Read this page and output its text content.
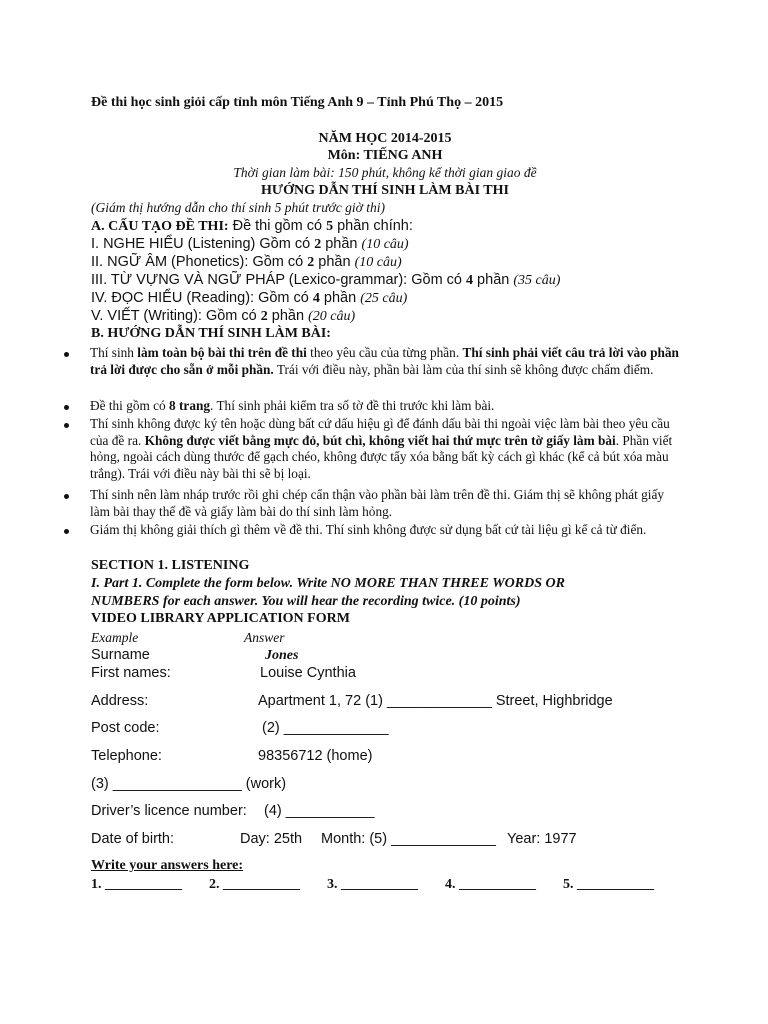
Đề thi học sinh giỏi cấp tỉnh môn Tiếng Anh 9 – Tỉnh Phú Thọ – 2015
NĂM HỌC 2014-2015
Môn: TIẾNG ANH
Thời gian làm bài: 150 phút, không kể thời gian giao đề
HƯỚNG DẪN THÍ SINH LÀM BÀI THI
(Giám thị hướng dẫn cho thí sinh 5 phút trước giờ thi)
A. CẤU TẠO ĐỀ THI: Đề thi gồm có 5 phần chính:
I. NGHE HIỂU (Listening) Gồm có 2 phần (10 câu)
II. NGỮ ÂM (Phonetics): Gồm có 2 phần (10 câu)
III. TỪ VỰNG VÀ NGỮ PHÁP (Lexico-grammar): Gồm có 4 phần (35 câu)
IV. ĐỌC HIỂU (Reading): Gồm có 4 phần (25 câu)
V. VIẾT (Writing): Gồm có 2 phần (20 câu)
B. HƯỚNG DẪN THÍ SINH LÀM BÀI:
Thí sinh làm toàn bộ bài thi trên đề thi theo yêu cầu của từng phần. Thí sinh phải viết câu trả lời vào phần trả lời được cho sẵn ở mỗi phần. Trái với điều này, phần bài làm của thí sinh sẽ không được chấm điểm.
Đề thi gồm có 8 trang. Thí sinh phải kiểm tra số tờ đề thi trước khi làm bài.
Thí sinh không được ký tên hoặc dùng bất cứ dấu hiệu gì để đánh dấu bài thi ngoài việc làm bài theo yêu cầu của đề ra. Không được viết bằng mực đỏ, bút chì, không viết hai thứ mực trên tờ giấy làm bài. Phần viết hỏng, ngoài cách dùng thước để gạch chéo, không được tẩy xóa bằng bất kỳ cách gì khác (kể cả bút xóa màu trắng). Trái với điều này bài thi sẽ bị loại.
Thí sinh nên làm nháp trước rồi ghi chép cẩn thận vào phần bài làm trên đề thi. Giám thị sẽ không phát giấy làm bài thay thế đề và giấy làm bài do thí sinh làm hỏng.
Giám thị không giải thích gì thêm về đề thi. Thí sinh không được sử dụng bất cứ tài liệu gì kể cả từ điển.
SECTION 1. LISTENING
I. Part 1. Complete the form below. Write NO MORE THAN THREE WORDS OR
NUMBERS for each answer. You will hear the recording twice. (10 points)
VIDEO LIBRARY APPLICATION FORM
Example	Answer
Surname	Jones
First names:	Louise Cynthia
Address:	Apartment 1, 72 (1) _____________ Street, Highbridge
Post code:	(2) _____________
Telephone:	98356712 (home)
(3) ________________ (work)
Driver’s licence number: (4) ___________
Date of birth:	Day: 25th Month: (5) _____________ Year: 1977
Write your answers here:
1. ___________ 2. ___________ 3. ___________ 4. ___________ 5. ___________
